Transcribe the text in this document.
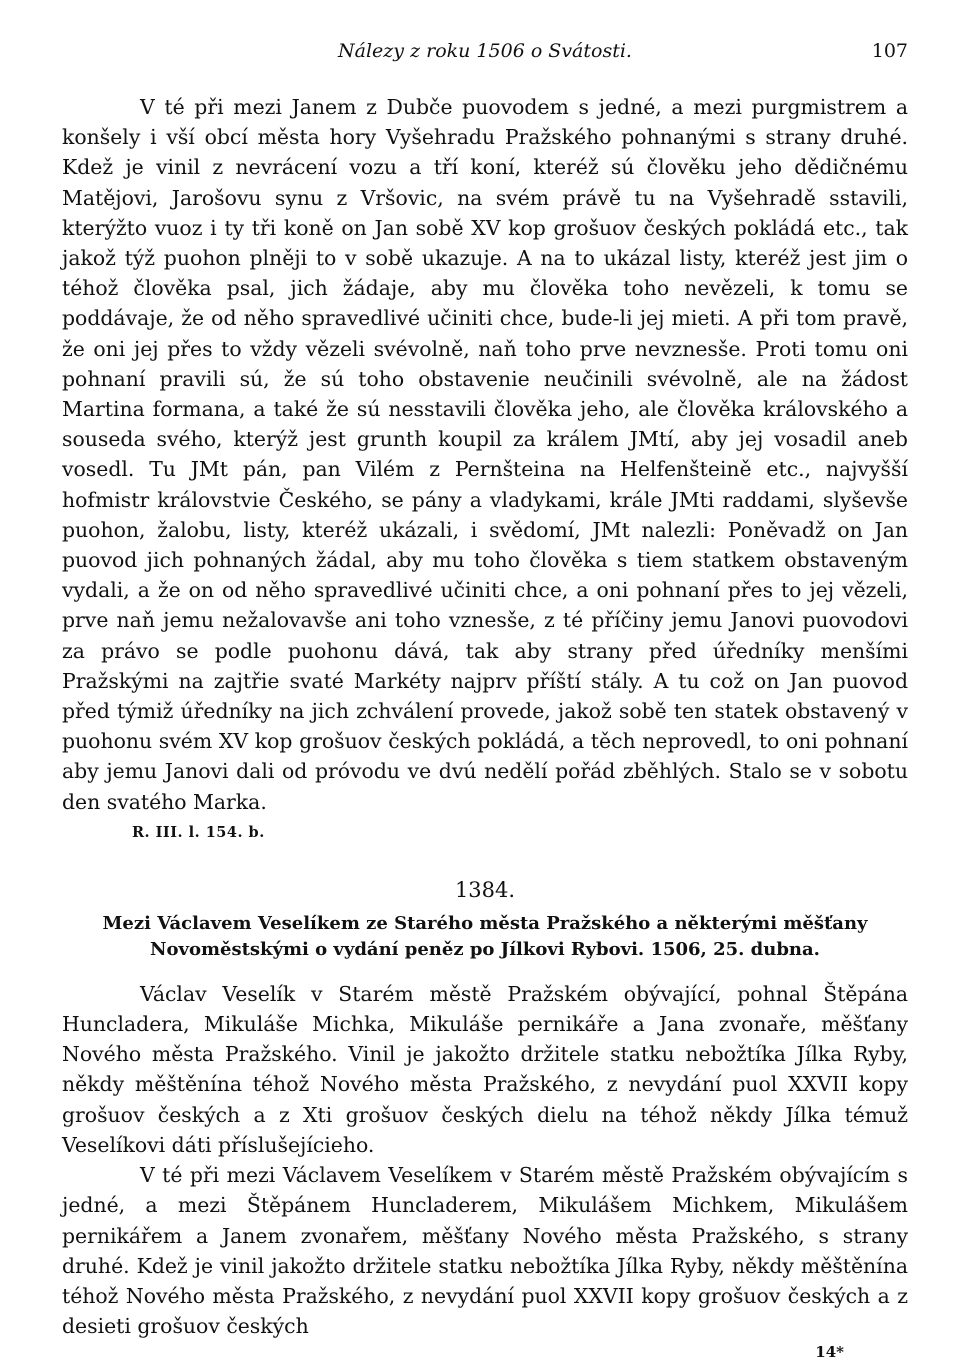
Nálezy z roku 1506 o Svátosti.	107

V té při mezi Janem z Dubče puovodem s jedné, a mezi purgmistrem a konšely i vší obcí města hory Vyšehradu Pražského pohnanými s strany druhé. Kdež je vinil z nevrácení vozu a tří koní, kteréž sú člověku jeho dědičnému Matějovi, Jarošovu synu z Vršovic, na svém právě tu na Vyšehradě sstavili, kterýžto vuoz i ty tři koně on Jan sobě XV kop grošuov českých pokládá etc., tak jakož týž puohon plněji to v sobě ukazuje. A na to ukázal listy, kteréž jest jim o téhož člověka psal, jich žádaje, aby mu člověka toho nevězeli, k tomu se poddávaje, že od něho spravedlivé učiniti chce, bude-li jej mieti. A při tom pravě, že oni jej přes to vždy vězeli svévolně, naň toho prve nevznesše. Proti tomu oni pohnaní pravili sú, že sú toho obstavenie neučinili svévolně, ale na žádost Martina formana, a také že sú nesstavili člověka jeho, ale člověka královského a souseda svého, kterýž jest grunth koupil za králem JMtí, aby jej vosadil aneb vosedl. Tu JMt pán, pan Vilém z Pernšteina na Helfenšteině etc., najvyšší hofmistr královstvie Českého, se pány a vladykami, krále JMti raddami, slyševše puohon, žalobu, listy, kteréž ukázali, i svědomí, JMt nalezli: Poněvadž on Jan puovod jich pohnaných žádal, aby mu toho člověka s tiem statkem obstaveným vydali, a že on od něho spravedlivé učiniti chce, a oni pohnaní přes to jej vězeli, prve naň jemu nežalovavše ani toho vznesše, z té příčiny jemu Janovi puovodovi za právo se podle puohonu dává, tak aby strany před úředníky menšími Pražskými na zajtřie svaté Markéty najprv příští stály. A tu což on Jan puovod před týmiž úředníky na jich zchválení provede, jakož sobě ten statek obstavený v puohonu svém XV kop grošuov českých pokládá, a těch neprovedl, to oni pohnaní aby jemu Janovi dali od próvodu ve dvú nedělí pořád zběhlých. Stalo se v sobotu den svatého Marka.

R. III. l. 154. b.
1384.
Mezi Václavem Veselíkem ze Starého města Pražského a některými měšťany Novoměstskými o vydání peněz po Jílkovi Rybovi. 1506, 25. dubna.

Václav Veselík v Starém městě Pražském obývající, pohnal Štěpána Huncladera, Mikuláše Michka, Mikuláše pernikáře a Jana zvonaře, měšťany Nového města Pražského. Vinil je jakožto držitele statku nebožtíka Jílka Ryby, někdy měštěnína téhož Nového města Pražského, z nevydání puol XXVII kopy grošuov českých a z Xti grošuov českých dielu na téhož někdy Jílka témuž Veselíkovi dáti příslušejícieho.

V té při mezi Václavem Veselíkem v Starém městě Pražském obývajícím s jedné, a mezi Štěpánem Huncladerem, Mikulášem Michkem, Mikulášem pernikářem a Janem zvonařem, měšťany Nového města Pražského, s strany druhé. Kdež je vinil jakožto držitele statku nebožtíka Jílka Ryby, někdy měštěnína téhož Nového města Pražského, z nevydání puol XXVII kopy grošuov českých a z desieti grošuov českých

14*
